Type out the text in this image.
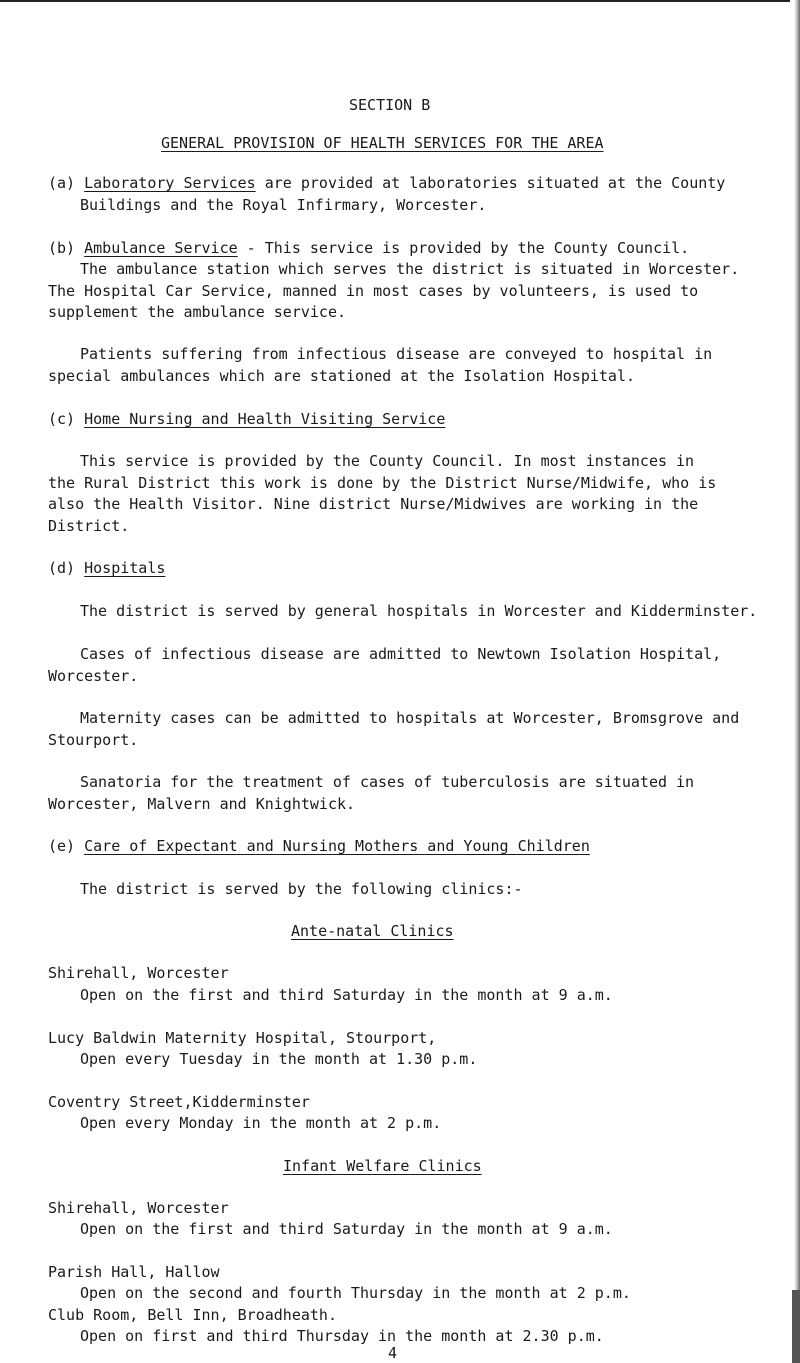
SECTION B
GENERAL PROVISION OF HEALTH SERVICES FOR THE AREA
(a) Laboratory Services are provided at laboratories situated at the County
Buildings and the Royal Infirmary, Worcester.
(b) Ambulance Service - This service is provided by the County Council.
The ambulance station which serves the district is situated in Worcester.
The Hospital Car Service, manned in most cases by volunteers, is used to
supplement the ambulance service.
Patients suffering from infectious disease are conveyed to hospital in
special ambulances which are stationed at the Isolation Hospital.
(c) Home Nursing and Health Visiting Service
This service is provided by the County Council. In most instances in
the Rural District this work is done by the District Nurse/Midwife, who is
also the Health Visitor. Nine district Nurse/Midwives are working in the
District.
(d) Hospitals
The district is served by general hospitals in Worcester and Kidderminster.
Cases of infectious disease are admitted to Newtown Isolation Hospital,
Worcester.
Maternity cases can be admitted to hospitals at Worcester, Bromsgrove and
Stourport.
Sanatoria for the treatment of cases of tuberculosis are situated in
Worcester, Malvern and Knightwick.
(e) Care of Expectant and Nursing Mothers and Young Children
The district is served by the following clinics:-
Ante-natal Clinics
Shirehall, Worcester
Open on the first and third Saturday in the month at 9 a.m.
Lucy Baldwin Maternity Hospital, Stourport,
Open every Tuesday in the month at 1.30 p.m.
Coventry Street,Kidderminster
Open every Monday in the month at 2 p.m.
Infant Welfare Clinics
Shirehall, Worcester
Open on the first and third Saturday in the month at 9 a.m.
Parish Hall, Hallow
Open on the second and fourth Thursday in the month at 2 p.m.
Club Room, Bell Inn, Broadheath.
Open on first and third Thursday in the month at 2.30 p.m.
4
